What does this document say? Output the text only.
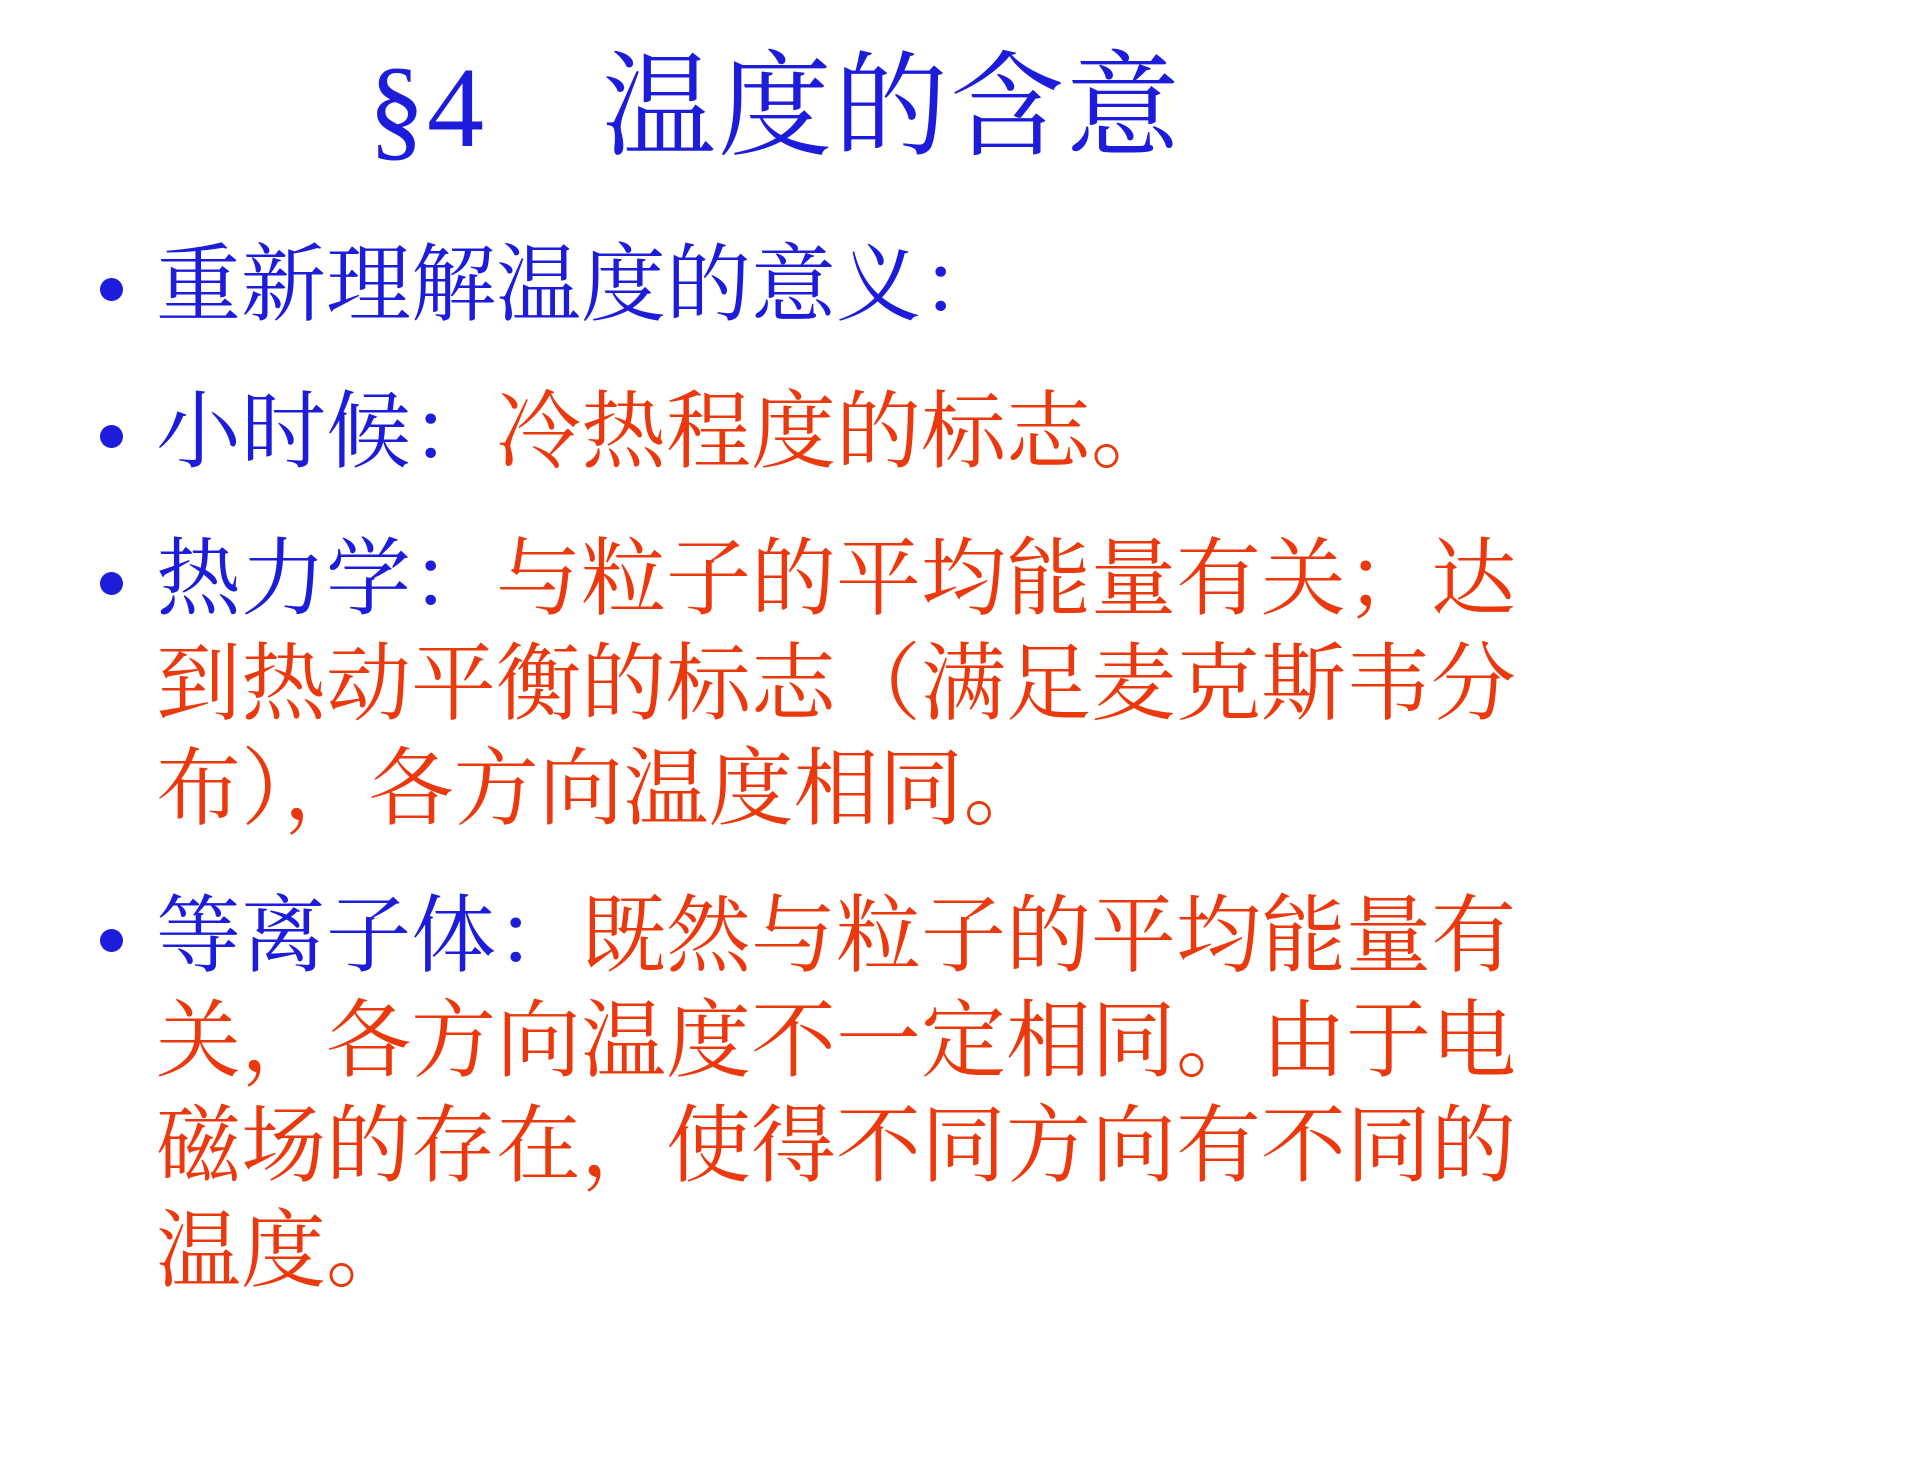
§4　温度的含意
重新理解温度的意义：
小时候：冷热程度的标志。
热力学：与粒子的平均能量有关；达到热动平衡的标志（满足麦克斯韦分布），各方向温度相同。
等离子体：既然与粒子的平均能量有关，各方向温度不一定相同。由于电磁场的存在，使得不同方向有不同的温度。
